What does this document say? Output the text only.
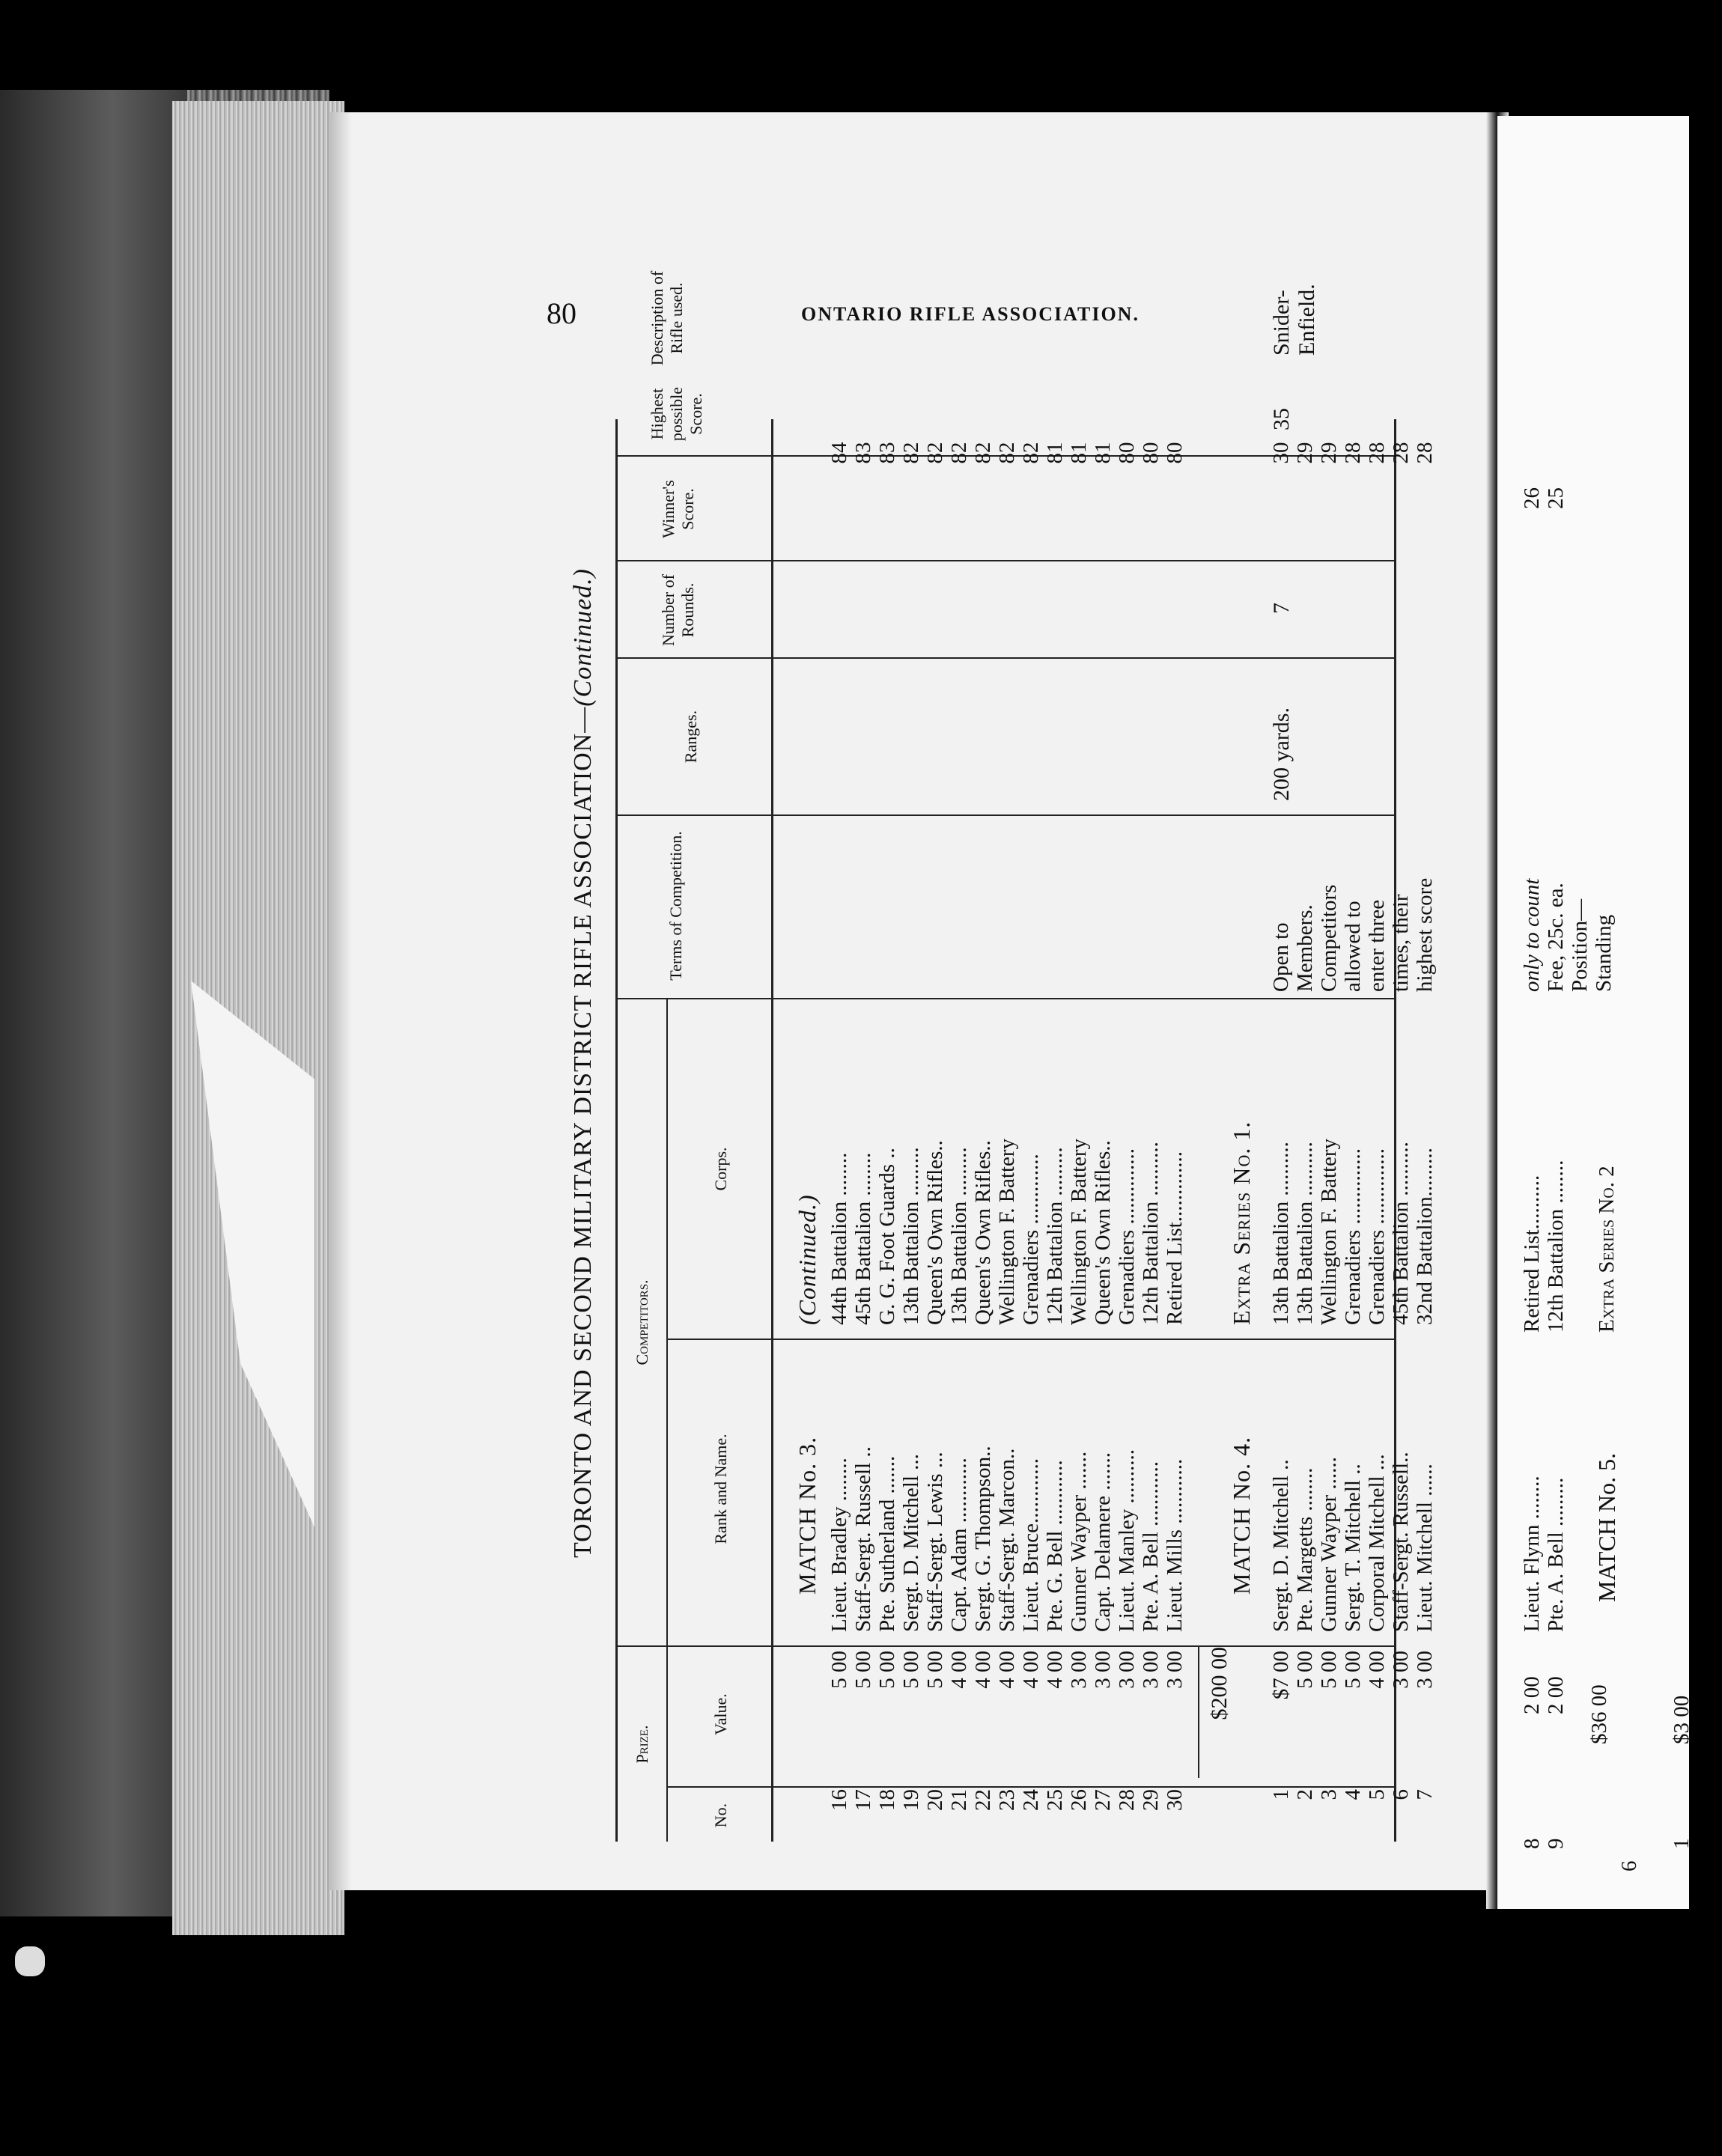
80	ONTARIO RIFLE ASSOCIATION.
TORONTO AND SECOND MILITARY DISTRICT RIFLE ASSOCIATION—(Continued.)
Prize.
No.
Value.
Competitors.
Rank and Name.
Corps.
Terms of Competition.
Ranges.
Number of Rounds.
Winner's Score.
Highest possible Score.
Description of Rifle used.
MATCH No. 3.
(Continued.)
16
5 00
Lieut. Bradley ........
44th Battalion ........
84
17
5 00
Staff-Sergt. Russell ..
45th Battalion ........
83
18
5 00
Pte. Sutherland .......
G. G. Foot Guards ..
83
19
5 00
Sergt. D. Mitchell ...
13th Battalion .........
82
20
5 00
Staff-Sergt. Lewis ...
Queen's Own Rifles..
82
21
4 00
Capt. Adam ............
13th Battalion .........
82
22
4 00
Sergt. G. Thompson..
Queen's Own Rifles..
82
23
4 00
Staff-Sergt. Marcon..
Wellington F. Battery
82
24
4 00
Lieut. Bruce............
Grenadiers .............
82
25
4 00
Pte. G. Bell ............
12th Battalion .........
81
26
3 00
Gunner Wayper .......
Wellington F. Battery
81
27
3 00
Capt. Delamere .......
Queen's Own Rifles..
81
28
3 00
Lieut. Manley ..........
Grenadiers ..............
80
29
3 00
Pte. A. Bell ............
12th Battalion ..........
80
30
3 00
Lieut. Mills ............
Retired List.............
80
$200 00
MATCH No. 4.
Extra Series No. 1.
1
$7 00
Sergt. D. Mitchell ..
13th Battalion ..........
30
2
5 00
Pte. Margetts ........
13th Battalion ..........
29
3
5 00
Gunner Wayper ......
Wellington F. Battery
29
4
5 00
Sergt. T. Mitchell ..
Grenadiers ..............
28
5
4 00
Corporal Mitchell ...
Grenadiers ..............
28
6
3 00
Staff-Sergt. Russell..
45th Battalion ..........
28
7
3 00
Lieut. Mitchell ......
32nd Battalion.........
28
Open to Members. Competitors allowed to enter three times, their highest score
200 yards.
7
35
Snider-Enfield.
8 9
2 00 2 00 $36 00	$3 00
6
1
Lieut. Flynn ........ Pte. A. Bell ......... MATCH No. 5.
Retired List.......... 12th Battalion ........ Extra Series No. 2
only to count Fee, 25c. ea. Position— Standing
26 25
